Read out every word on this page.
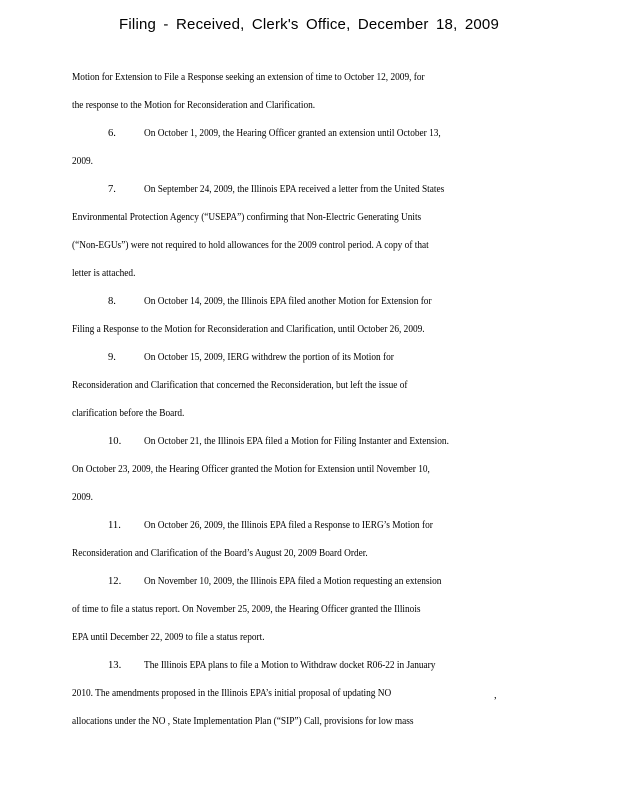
Filing - Received, Clerk's Office, December 18, 2009
Motion for Extension to File a Response seeking an extension of time to October 12, 2009, for
the response to the Motion for Reconsideration and Clarification.
6.	On October 1, 2009, the Hearing Officer granted an extension until October 13,
2009.
7.	On September 24, 2009, the Illinois EPA received a letter from the United States
Environmental Protection Agency (“USEPA”) confirming that Non-Electric Generating Units
(“Non-EGUs”) were not required to hold allowances for the 2009 control period. A copy of that
letter is attached.
8.	On October 14, 2009, the Illinois EPA filed another Motion for Extension for
Filing a Response to the Motion for Reconsideration and Clarification, until October 26, 2009.
9.	On October 15, 2009, IERG withdrew the portion of its Motion for
Reconsideration and Clarification that concerned the Reconsideration, but left the issue of
clarification before the Board.
10. On October 21, the Illinois EPA filed a Motion for Filing Instanter and Extension.
On October 23, 2009, the Hearing Officer granted the Motion for Extension until November 10,
2009.
11. On October 26, 2009, the Illinois EPA filed a Response to IERG’s Motion for
Reconsideration and Clarification of the Board’s August 20, 2009 Board Order.
12. On November 10, 2009, the Illinois EPA filed a Motion requesting an extension
of time to file a status report. On November 25, 2009, the Hearing Officer granted the Illinois
EPA until December 22, 2009 to file a status report.
13. The Illinois EPA plans to file a Motion to Withdraw docket R06-22 in January
2010. The amendments proposed in the Illinois EPA’s initial proposal of updating NO	,
allocations under the NO , State Implementation Plan (“SIP”) Call, provisions for low mass
